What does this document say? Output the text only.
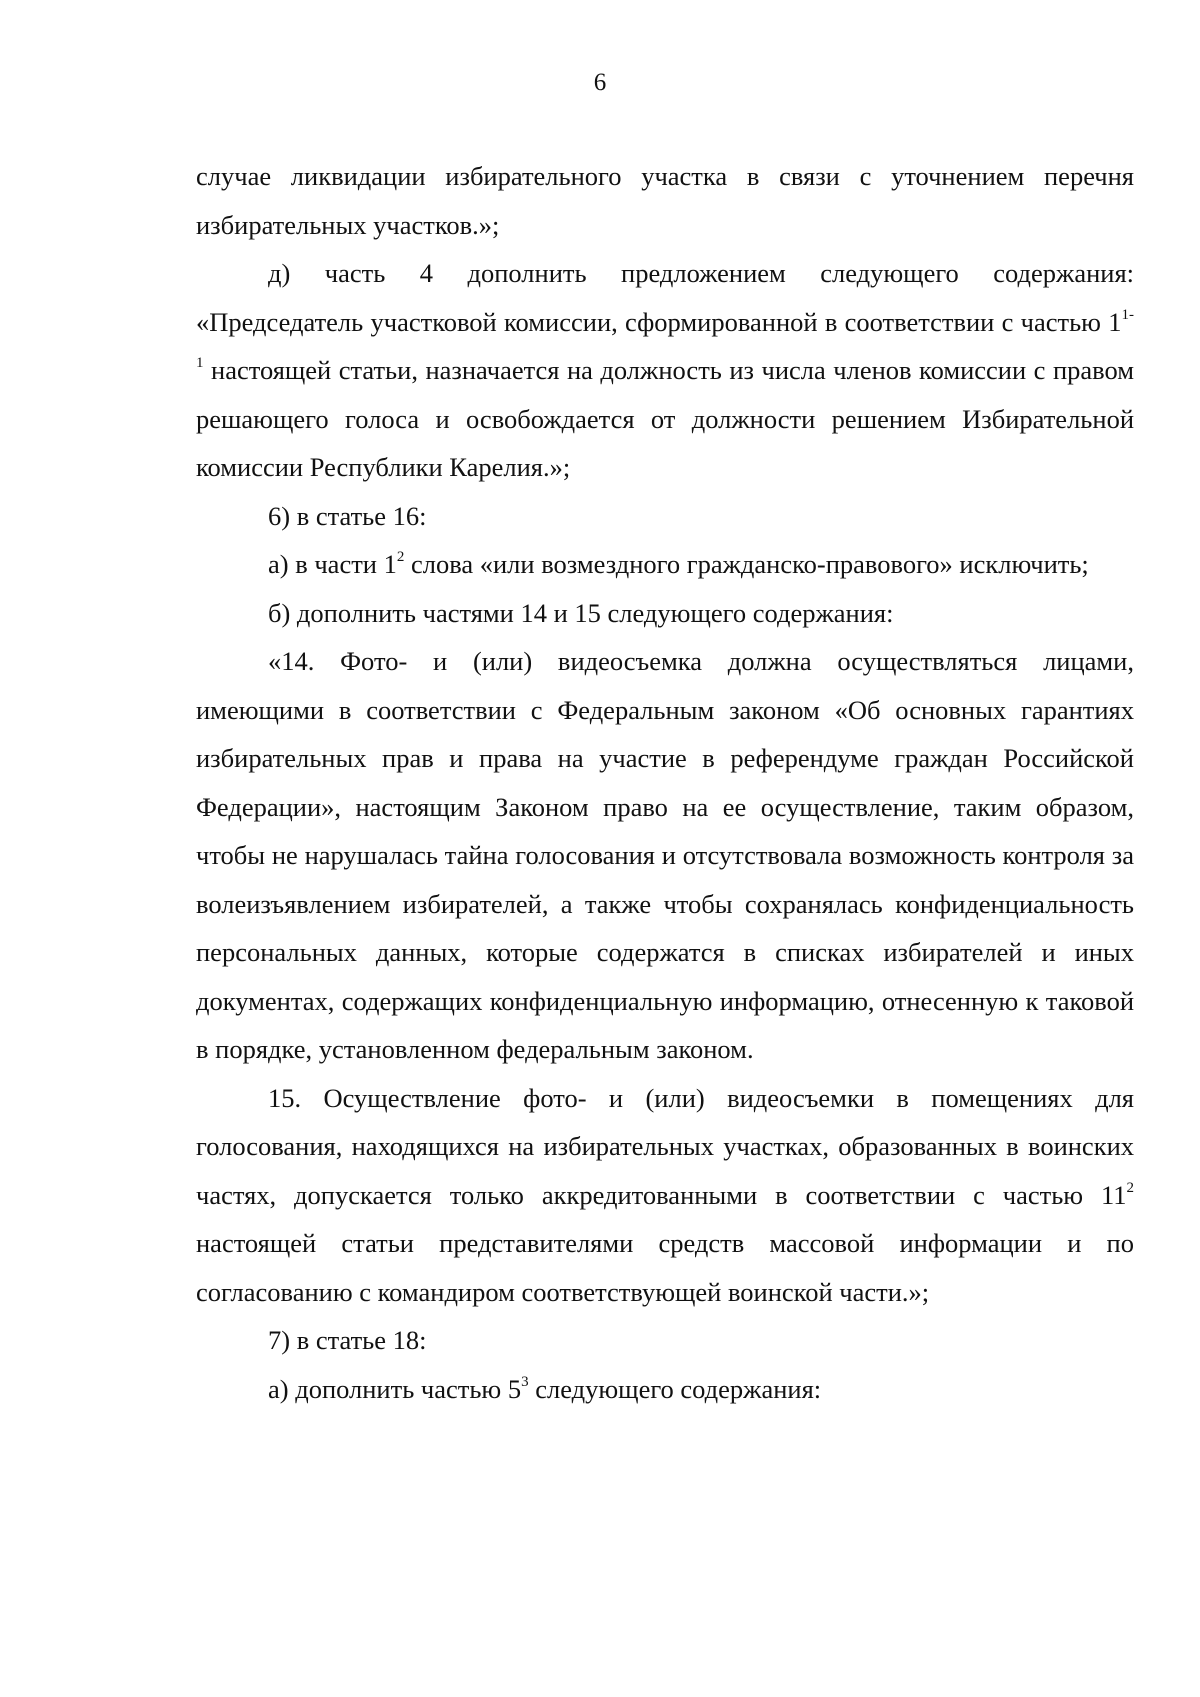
6

случае ликвидации избирательного участка в связи с уточнением перечня избирательных участков.»;

д) часть 4 дополнить предложением следующего содержания: «Председатель участковой комиссии, сформированной в соответствии с частью 1$^{1-1}$ настоящей статьи, назначается на должность из числа членов комиссии с правом решающего голоса и освобождается от должности решением Избирательной комиссии Республики Карелия.»;

6) в статье 16:

а) в части $1^2$ слова «или возмездного гражданско-правового» исключить;

б) дополнить частями 14 и 15 следующего содержания:

«14. Фото- и (или) видеосъемка должна осуществляться лицами, имеющими в соответствии с Федеральным законом «Об основных гарантиях избирательных прав и права на участие в референдуме граждан Российской Федерации», настоящим Законом право на ее осуществление, таким образом, чтобы не нарушалась тайна голосования и отсутствовала возможность контроля за волеизъявлением избирателей, а также чтобы сохранялась конфиденциальность персональных данных, которые содержатся в списках избирателей и иных документах, содержащих конфиденциальную информацию, отнесенную к таковой в порядке, установленном федеральным законом.

15. Осуществление фото- и (или) видеосъемки в помещениях для голосования, находящихся на избирательных участках, образованных в воинских частях, допускается только аккредитованными в соответствии с частью $11^2$ настоящей статьи представителями средств массовой информации и по согласованию с командиром соответствующей воинской части.»;

7) в статье 18:

а) дополнить частью $5^3$ следующего содержания:
